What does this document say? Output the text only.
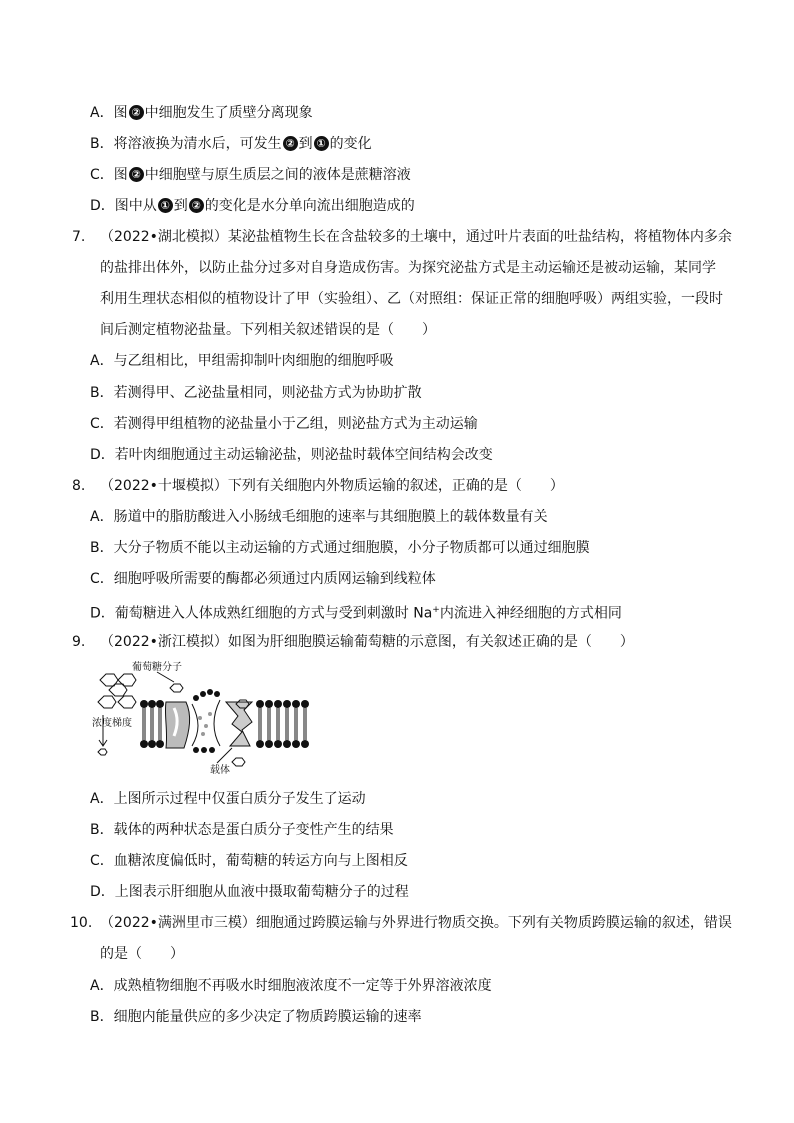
A．图 ② 中细胞发生了质壁分离现象
B．将溶液换为清水后，可发生 ② 到 ① 的变化
C．图 ② 中细胞壁与原生质层之间的液体是蔗糖溶液
D．图中从 ① 到 ② 的变化是水分单向流出细胞造成的
7. （2022•湖北模拟）某泌盐植物生长在含盐较多的土壤中，通过叶片表面的吐盐结构，将植物体内多余
的盐排出体外，以防止盐分过多对自身造成伤害。为探究泌盐方式是主动运输还是被动运输，某同学
利用生理状态相似的植物设计了甲（实验组）、乙（对照组：保证正常的细胞呼吸）两组实验，一段时
间后测定植物泌盐量。下列相关叙述错误的是（　　）
A．与乙组相比，甲组需抑制叶肉细胞的细胞呼吸
B．若测得甲、乙泌盐量相同，则泌盐方式为协助扩散
C．若测得甲组植物的泌盐量小于乙组，则泌盐方式为主动运输
D．若叶肉细胞通过主动运输泌盐，则泌盐时载体空间结构会改变
8. （2022•十堰模拟）下列有关细胞内外物质运输的叙述，正确的是（　　）
A．肠道中的脂肪酸进入小肠绒毛细胞的速率与其细胞膜上的载体数量有关
B．大分子物质不能以主动运输的方式通过细胞膜，小分子物质都可以通过细胞膜
C．细胞呼吸所需要的酶都必须通过内质网运输到线粒体
D．葡萄糖进入人体成熟红细胞的方式与受到刺激时 Na+内流进入神经细胞的方式相同
9. （2022•浙江模拟）如图为肝细胞膜运输葡萄糖的示意图，有关叙述正确的是（　　）
葡萄糖分子
浓度梯度
载体
A．上图所示过程中仅蛋白质分子发生了运动
B．载体的两种状态是蛋白质分子变性产生的结果
C．血糖浓度偏低时，葡萄糖的转运方向与上图相反
D．上图表示肝细胞从血液中摄取葡萄糖分子的过程
10. （2022•满洲里市三模）细胞通过跨膜运输与外界进行物质交换。下列有关物质跨膜运输的叙述，错误
的是（　　）
A．成熟植物细胞不再吸水时细胞液浓度不一定等于外界溶液浓度
B．细胞内能量供应的多少决定了物质跨膜运输的速率
